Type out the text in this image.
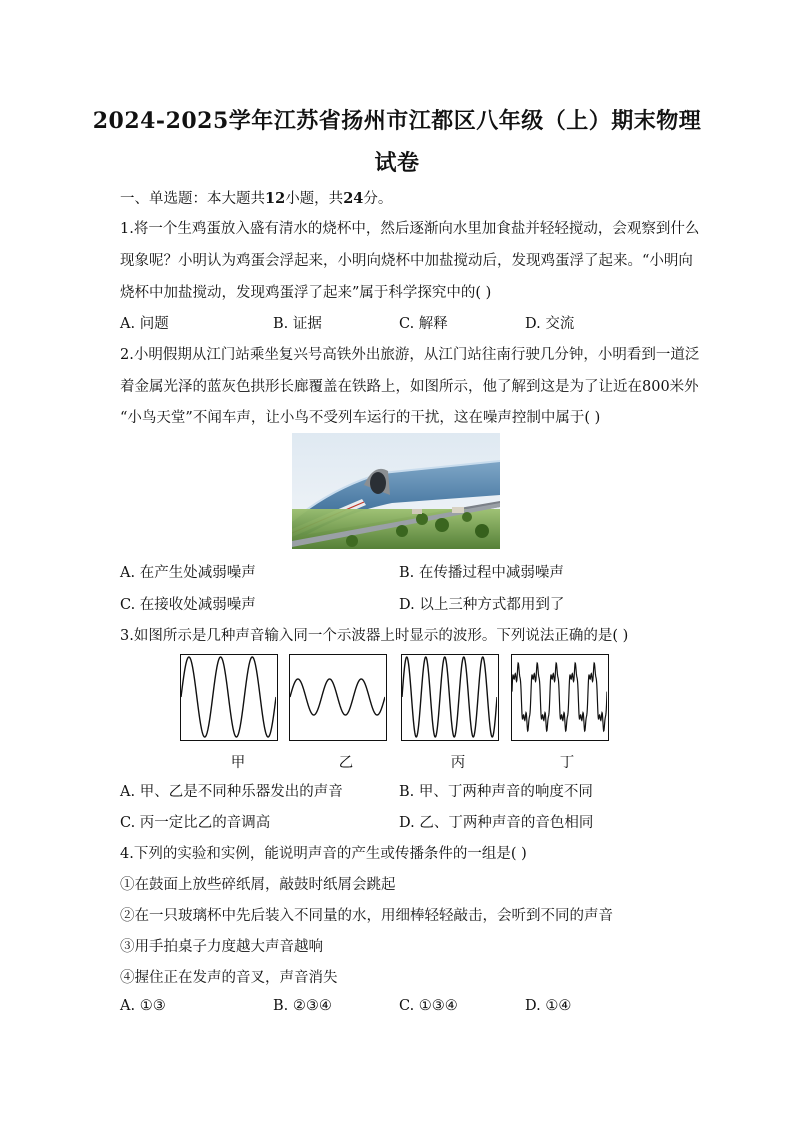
2024-2025学年江苏省扬州市江都区八年级（上）期末物理
试卷
一、单选题：本大题共12小题，共24分。
1.将一个生鸡蛋放入盛有清水的烧杯中，然后逐渐向水里加食盐并轻轻搅动，会观察到什么
现象呢？小明认为鸡蛋会浮起来，小明向烧杯中加盐搅动后，发现鸡蛋浮了起来。“小明向
烧杯中加盐搅动，发现鸡蛋浮了起来”属于科学探究中的( )
A. 问题	B. 证据	C. 解释	D. 交流
2.小明假期从江门站乘坐复兴号高铁外出旅游，从江门站往南行驶几分钟，小明看到一道泛
着金属光泽的蓝灰色拱形长廊覆盖在铁路上，如图所示，他了解到这是为了让近在800米外
“小鸟天堂”不闻车声，让小鸟不受列车运行的干扰，这在噪声控制中属于( )
A. 在产生处减弱噪声	B. 在传播过程中减弱噪声
C. 在接收处减弱噪声	D. 以上三种方式都用到了
3.如图所示是几种声音输入同一个示波器上时显示的波形。下列说法正确的是( )
甲	乙	丙	丁
A. 甲、乙是不同种乐器发出的声音	B. 甲、丁两种声音的响度不同
C. 丙一定比乙的音调高	D. 乙、丁两种声音的音色相同
4.下列的实验和实例，能说明声音的产生或传播条件的一组是( )
①在鼓面上放些碎纸屑，敲鼓时纸屑会跳起
②在一只玻璃杯中先后装入不同量的水，用细棒轻轻敲击，会听到不同的声音
③用手拍桌子力度越大声音越响
④握住正在发声的音叉，声音消失
A. ①③	B. ②③④	C. ①③④	D. ①④
